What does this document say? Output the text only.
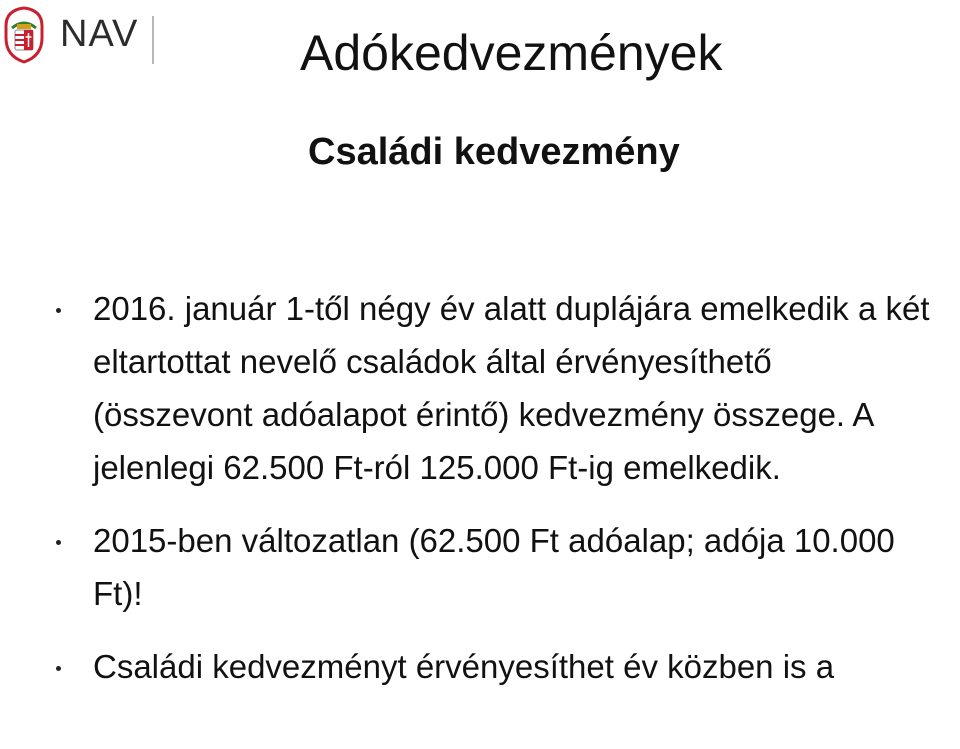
NAV	Adókedvezmények
Családi kedvezmény
2016. január 1-től négy év alatt duplájára emelkedik a két eltartottat nevelő családok által érvényesíthető (összevont adóalapot érintő) kedvezmény összege. A jelenlegi 62.500 Ft-ról 125.000 Ft-ig emelkedik.
2015-ben változatlan (62.500 Ft adóalap; adója 10.000 Ft)!
Családi kedvezményt érvényesíthet év közben is a
